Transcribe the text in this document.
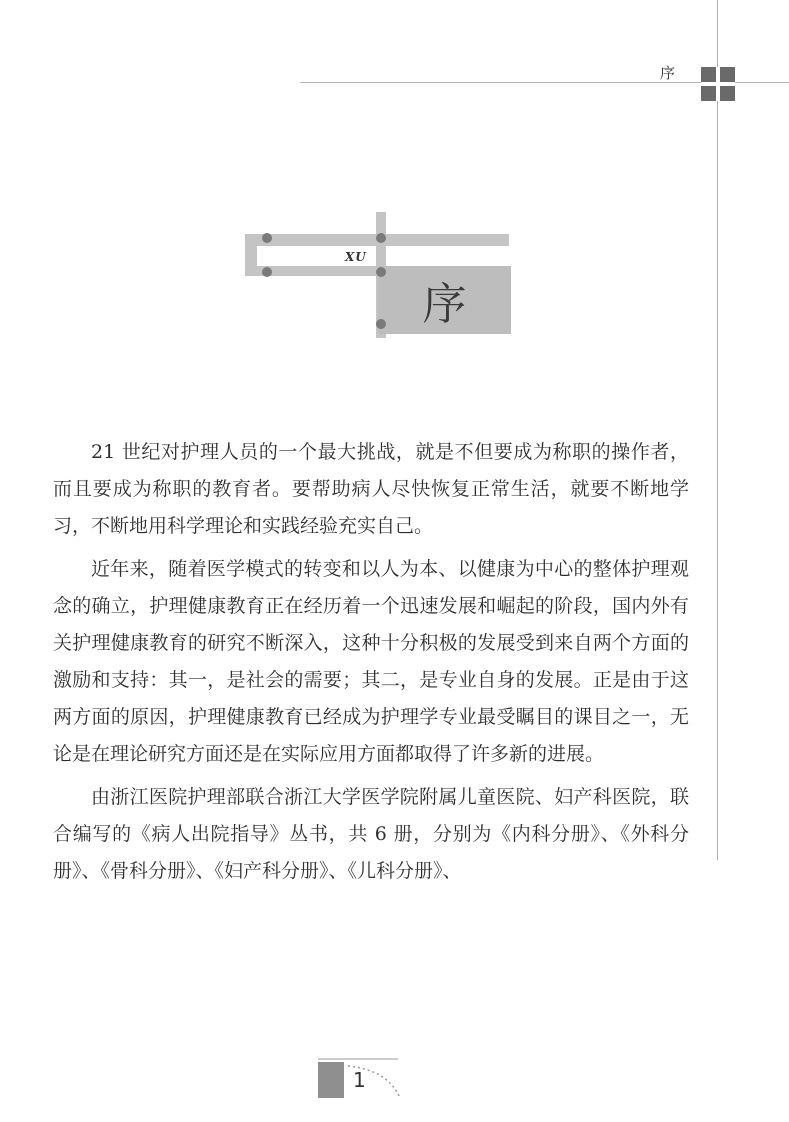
序
XU
序

21 世纪对护理人员的一个最大挑战，就是不但要成为称职的操作者，而且要成为称职的教育者。要帮助病人尽快恢复正常生活，就要不断地学习，不断地用科学理论和实践经验充实自己。

近年来，随着医学模式的转变和以人为本、以健康为中心的整体护理观念的确立，护理健康教育正在经历着一个迅速发展和崛起的阶段，国内外有关护理健康教育的研究不断深入，这种十分积极的发展受到来自两个方面的激励和支持：其一，是社会的需要；其二，是专业自身的发展。正是由于这两方面的原因，护理健康教育已经成为护理学专业最受瞩目的课目之一，无论是在理论研究方面还是在实际应用方面都取得了许多新的进展。

由浙江医院护理部联合浙江大学医学院附属儿童医院、妇产科医院，联合编写的《病人出院指导》丛书，共 6 册，分别为《内科分册》、《外科分册》、《骨科分册》、《妇产科分册》、《儿科分册》、

1
